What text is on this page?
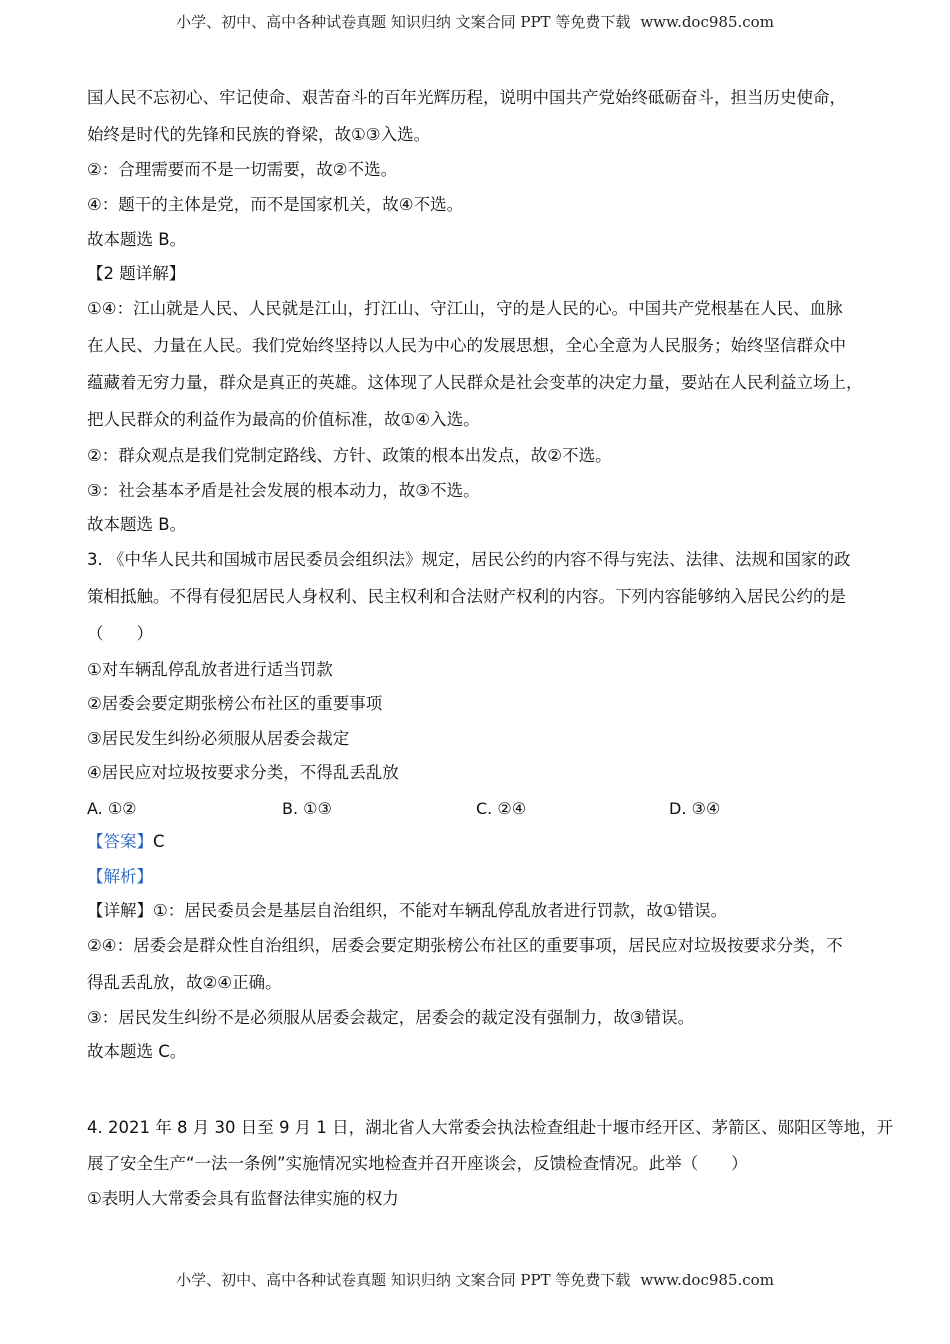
小学、初中、高中各种试卷真题 知识归纳 文案合同 PPT 等免费下载 www.doc985.com
国人民不忘初心、牢记使命、艰苦奋斗的百年光辉历程，说明中国共产党始终砥砺奋斗，担当历史使命，
始终是时代的先锋和民族的脊梁，故①③入选。
②：合理需要而不是一切需要，故②不选。
④：题干的主体是党，而不是国家机关，故④不选。
故本题选 B。
【2 题详解】
①④：江山就是人民、人民就是江山，打江山、守江山，守的是人民的心。中国共产党根基在人民、血脉
在人民、力量在人民。我们党始终坚持以人民为中心的发展思想，全心全意为人民服务；始终坚信群众中
蕴藏着无穷力量，群众是真正的英雄。这体现了人民群众是社会变革的决定力量，要站在人民利益立场上，
把人民群众的利益作为最高的价值标准，故①④入选。
②：群众观点是我们党制定路线、方针、政策的根本出发点，故②不选。
③：社会基本矛盾是社会发展的根本动力，故③不选。
故本题选 B。
3. 《中华人民共和国城市居民委员会组织法》规定，居民公约的内容不得与宪法、法律、法规和国家的政
策相抵触。不得有侵犯居民人身权利、民主权利和合法财产权利的内容。下列内容能够纳入居民公约的是
（　　）
①对车辆乱停乱放者进行适当罚款
②居委会要定期张榜公布社区的重要事项
③居民发生纠纷必须服从居委会裁定
④居民应对垃圾按要求分类，不得乱丢乱放
A. ①②	B. ①③	C. ②④	D. ③④
【答案】C
【解析】
【详解】①：居民委员会是基层自治组织，不能对车辆乱停乱放者进行罚款，故①错误。
②④：居委会是群众性自治组织，居委会要定期张榜公布社区的重要事项，居民应对垃圾按要求分类，不
得乱丢乱放，故②④正确。
③：居民发生纠纷不是必须服从居委会裁定，居委会的裁定没有强制力，故③错误。
故本题选 C。
4. 2021 年 8 月 30 日至 9 月 1 日，湖北省人大常委会执法检查组赴十堰市经开区、茅箭区、郧阳区等地，开
展了安全生产“一法一条例”实施情况实地检查并召开座谈会，反馈检查情况。此举（　　）
①表明人大常委会具有监督法律实施的权力
小学、初中、高中各种试卷真题 知识归纳 文案合同 PPT 等免费下载 www.doc985.com
